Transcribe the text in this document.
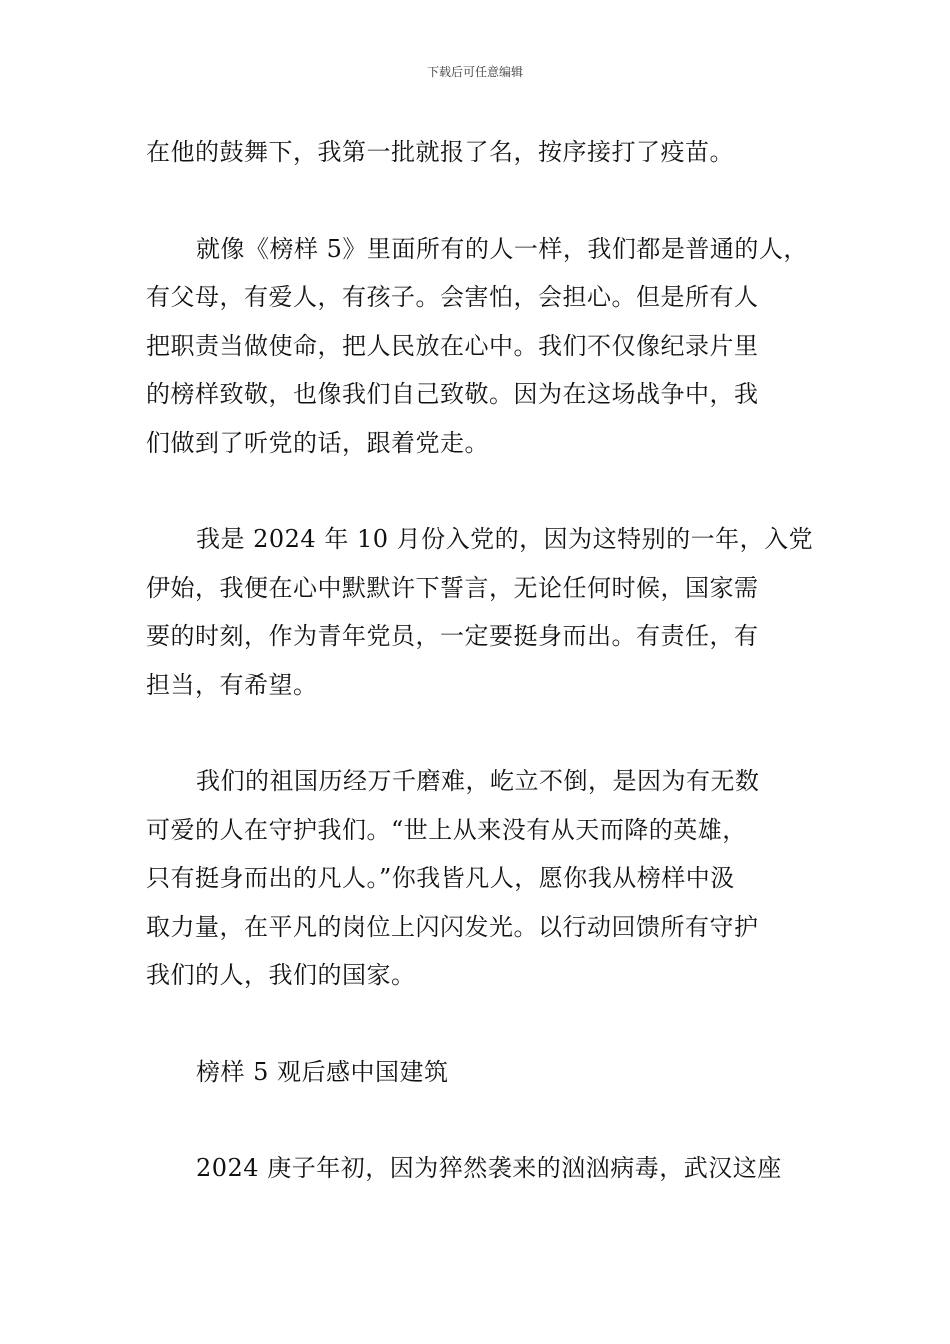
下载后可任意编辑
在他的鼓舞下，我第一批就报了名，按序接打了疫苗。
就像《榜样 5》里面所有的人一样，我们都是普通的人，
有父母，有爱人，有孩子。会害怕，会担心。但是所有人
把职责当做使命，把人民放在心中。我们不仅像纪录片里
的榜样致敬，也像我们自己致敬。因为在这场战争中，我
们做到了听党的话，跟着党走。
我是 2024 年 10 月份入党的，因为这特别的一年，入党
伊始，我便在心中默默许下誓言，无论任何时候，国家需
要的时刻，作为青年党员，一定要挺身而出。有责任，有
担当，有希望。
我们的祖国历经万千磨难，屹立不倒，是因为有无数
可爱的人在守护我们。“世上从来没有从天而降的英雄，
只有挺身而出的凡人。”你我皆凡人，愿你我从榜样中汲
取力量，在平凡的岗位上闪闪发光。以行动回馈所有守护
我们的人，我们的国家。
榜样 5 观后感中国建筑
2024 庚子年初，因为猝然袭来的汹汹病毒，武汉这座
